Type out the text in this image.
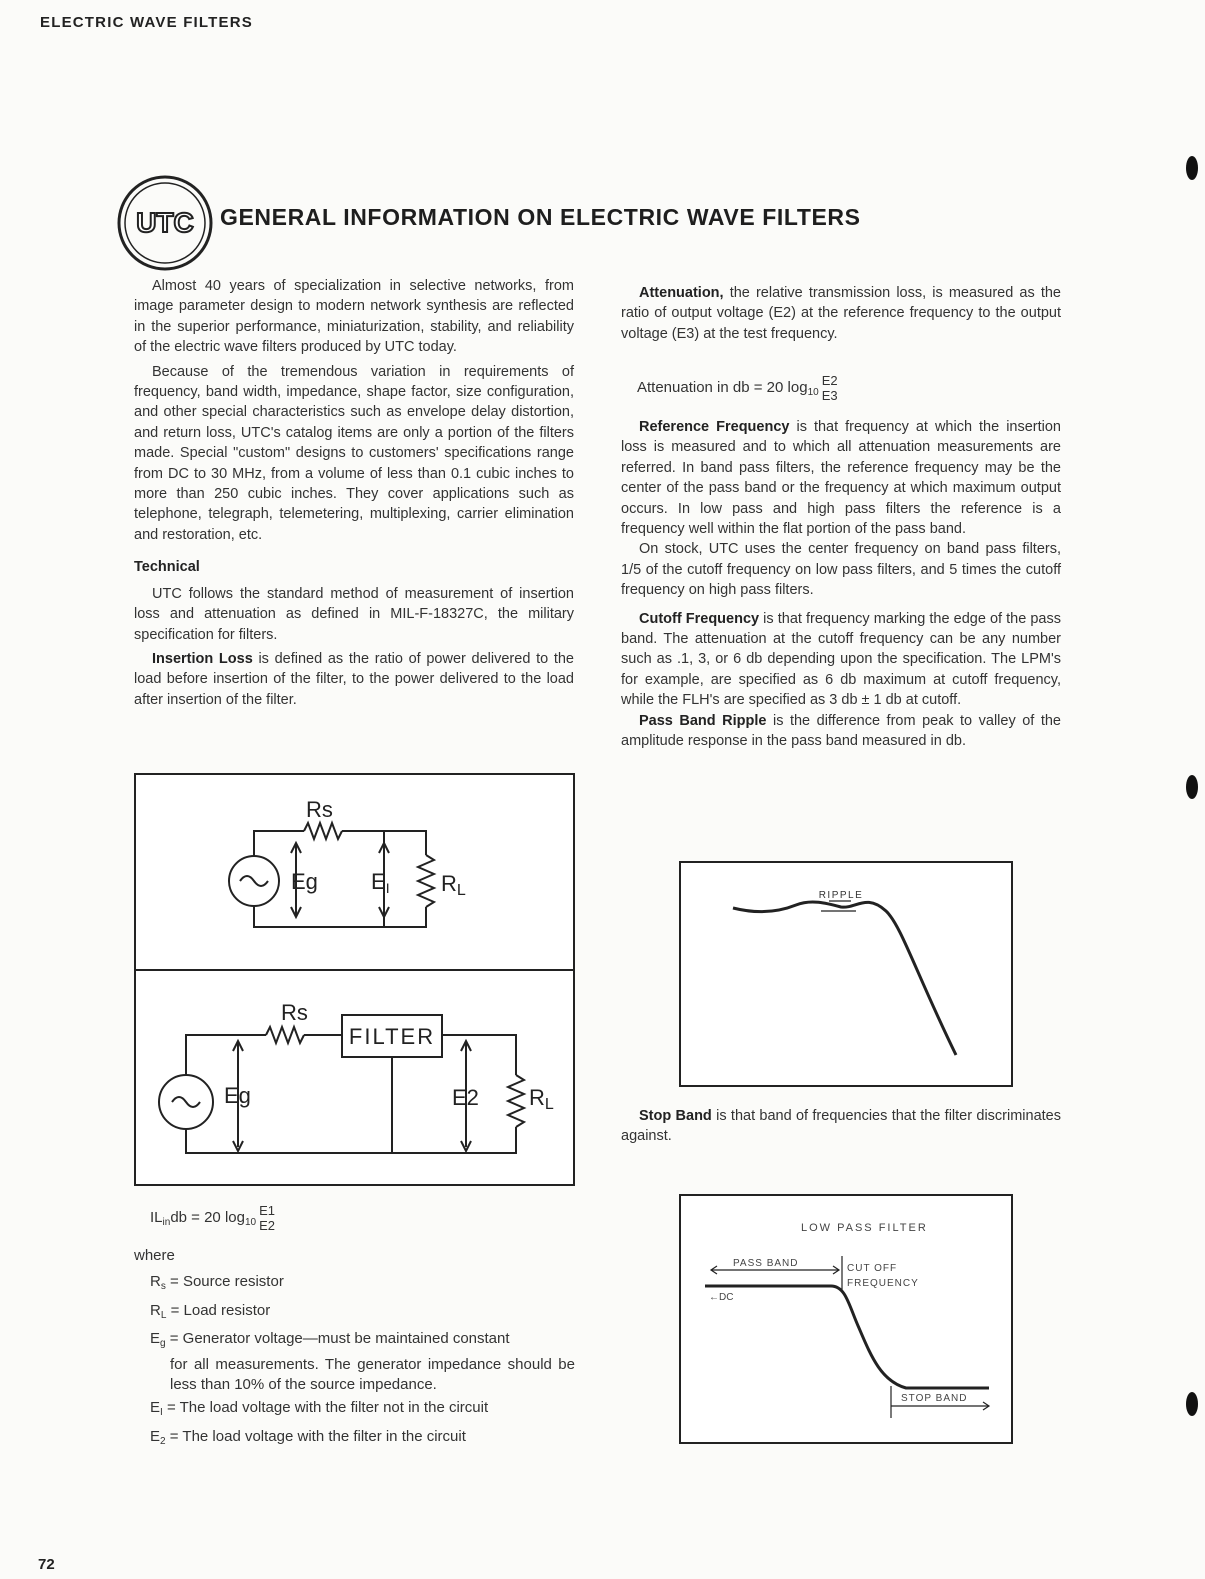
ELECTRIC WAVE FILTERS
72
UTC GENERAL INFORMATION ON ELECTRIC WAVE FILTERS

Almost 40 years of specialization in selective networks, from image parameter design to modern network synthesis are reflected in the superior performance, miniaturization, stability, and reliability of the electric wave filters produced by UTC today.

Because of the tremendous variation in requirements of frequency, band width, impedance, shape factor, size configuration, and other special characteristics such as envelope delay distortion, and return loss, UTC's catalog items are only a portion of the filters made. Special "custom" designs to customers' specifications range from DC to 30 MHz, from a volume of less than 0.1 cubic inches to more than 250 cubic inches. They cover applications such as telephone, telegraph, telemetering, multiplexing, carrier elimination and restoration, etc.

Technical

UTC follows the standard method of measurement of insertion loss and attenuation as defined in MIL-F-18327C, the military specification for filters.

Insertion Loss is defined as the ratio of power delivered to the load before insertion of the filter, to the power delivered to the load after insertion of the filter.

Rs
Eg EI RL
Rs
FILTER
Eg	E2 RL
$IL_{in}db = 20$ $\log_{10}$
E1
E2
where
$R_s$ = Source resistor
$R_L$ = Load resistor
$E_g$ = Generator voltage—must be maintained constant
for all measurements. The generator impedance should be less than 10% of the source impedance.
$E_I$ = The load voltage with the filter not in the circuit
$E_2$ = The load voltage with the filter in the circuit

Attenuation, the relative transmission loss, is measured as the ratio of output voltage (E2) at the reference frequency to the output voltage (E3) at the test frequency.

Attenuation in db = 20 $\log_{10}$
E2
E3

Reference Frequency is that frequency at which the insertion loss is measured and to which all attenuation measurements are referred. In band pass filters, the reference frequency may be the center of the pass band or the frequency at which maximum output occurs. In low pass and high pass filters the reference is a frequency well within the flat portion of the pass band.

On stock, UTC uses the center frequency on band pass filters, 1/5 of the cutoff frequency on low pass filters, and 5 times the cutoff frequency on high pass filters.

Cutoff Frequency is that frequency marking the edge of the pass band. The attenuation at the cutoff frequency can be any number such as .1, 3, or 6 db depending upon the specification. The LPM's for example, are specified as 6 db maximum at cutoff frequency, while the FLH's are specified as 3 db ± 1 db at cutoff.

Pass Band Ripple is the difference from peak to valley of the amplitude response in the pass band measured in db.

RIPPLE

Stop Band is that band of frequencies that the filter discriminates against.

LOW PASS FILTER
PASS BAND	CUT OFF
FREQUENCY
←DC
STOP BAND
